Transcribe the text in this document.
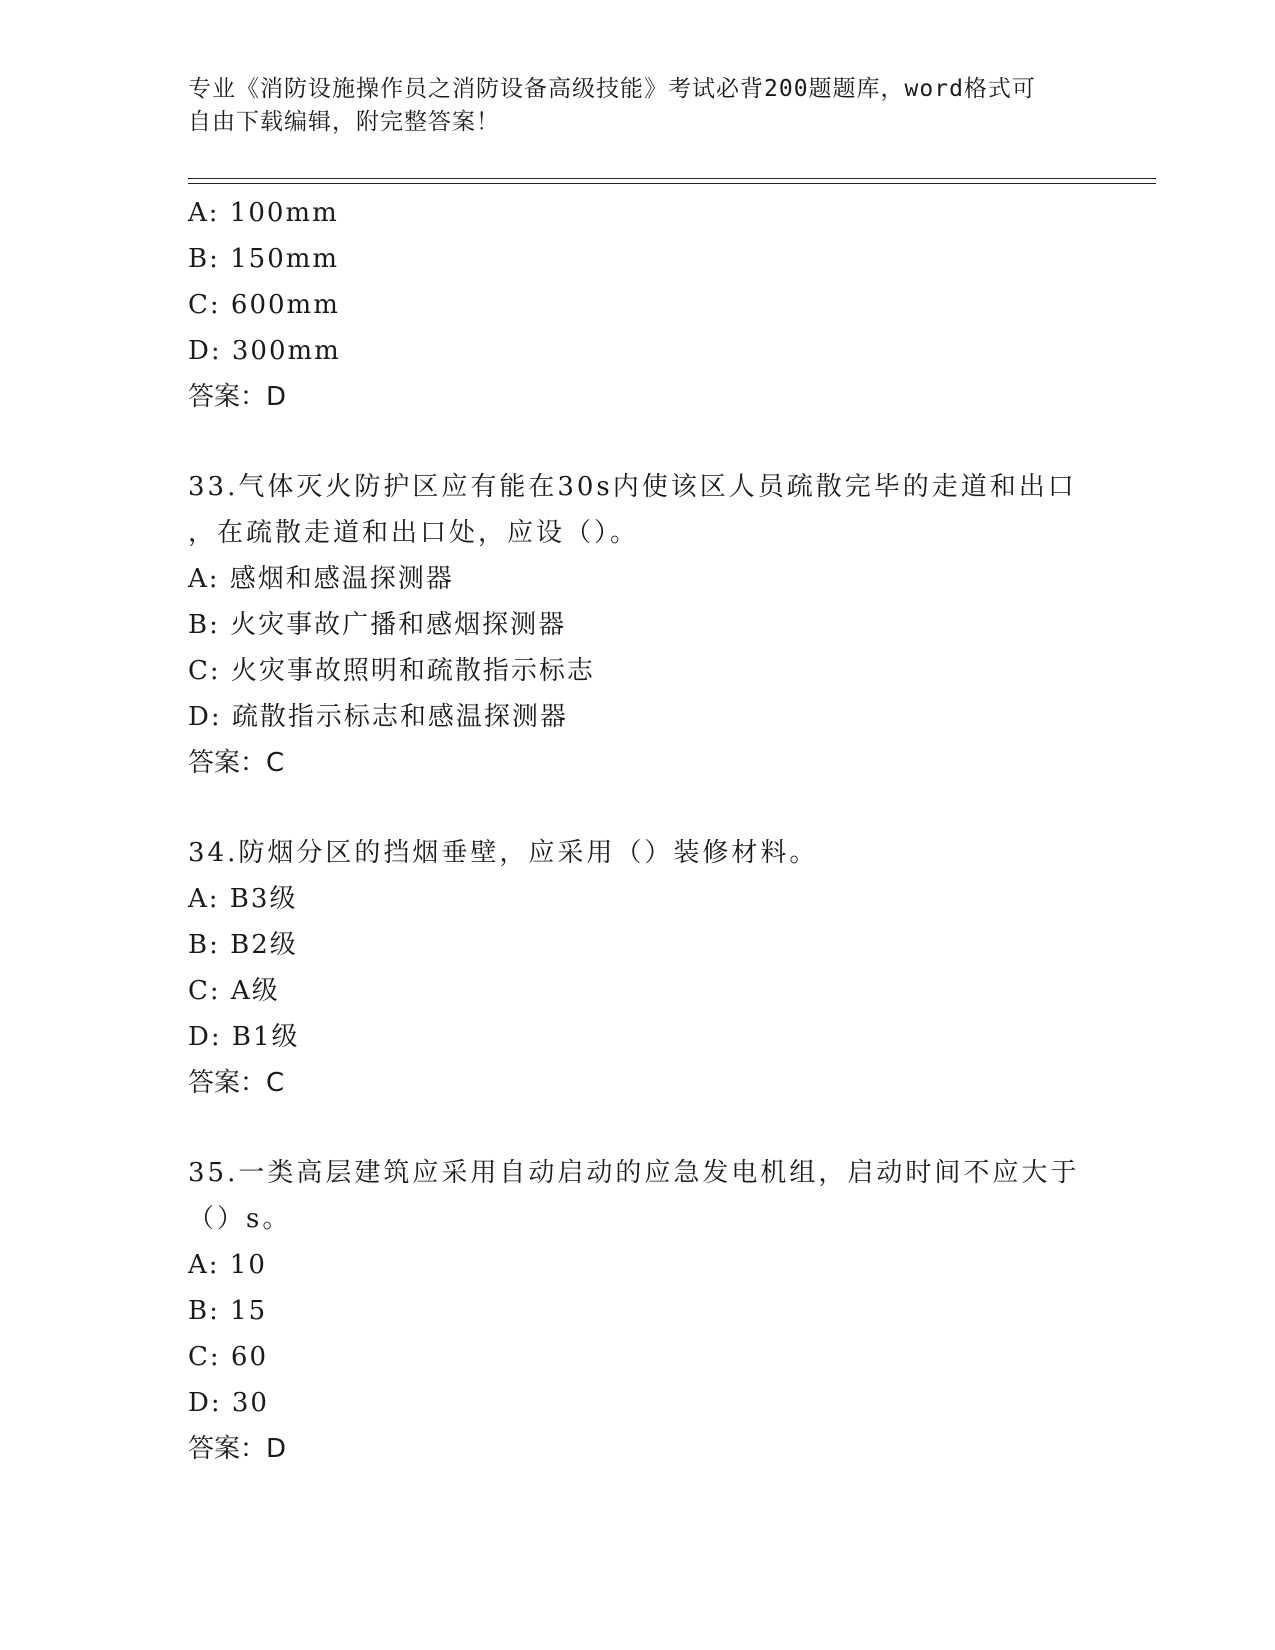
专业《消防设施操作员之消防设备高级技能》考试必背200题题库，word格式可
自由下载编辑，附完整答案！
A: 100mm
B: 150mm
C: 600mm
D: 300mm
答案：D
33.气体灭火防护区应有能在30s内使该区人员疏散完毕的走道和出口
，在疏散走道和出口处，应设（）。
A: 感烟和感温探测器
B: 火灾事故广播和感烟探测器
C: 火灾事故照明和疏散指示标志
D: 疏散指示标志和感温探测器
答案：C
34.防烟分区的挡烟垂壁，应采用（）装修材料。
A: B3级
B: B2级
C: A级
D: B1级
答案：C
35.一类高层建筑应采用自动启动的应急发电机组，启动时间不应大于
（）s。
A: 10
B: 15
C: 60
D: 30
答案：D
